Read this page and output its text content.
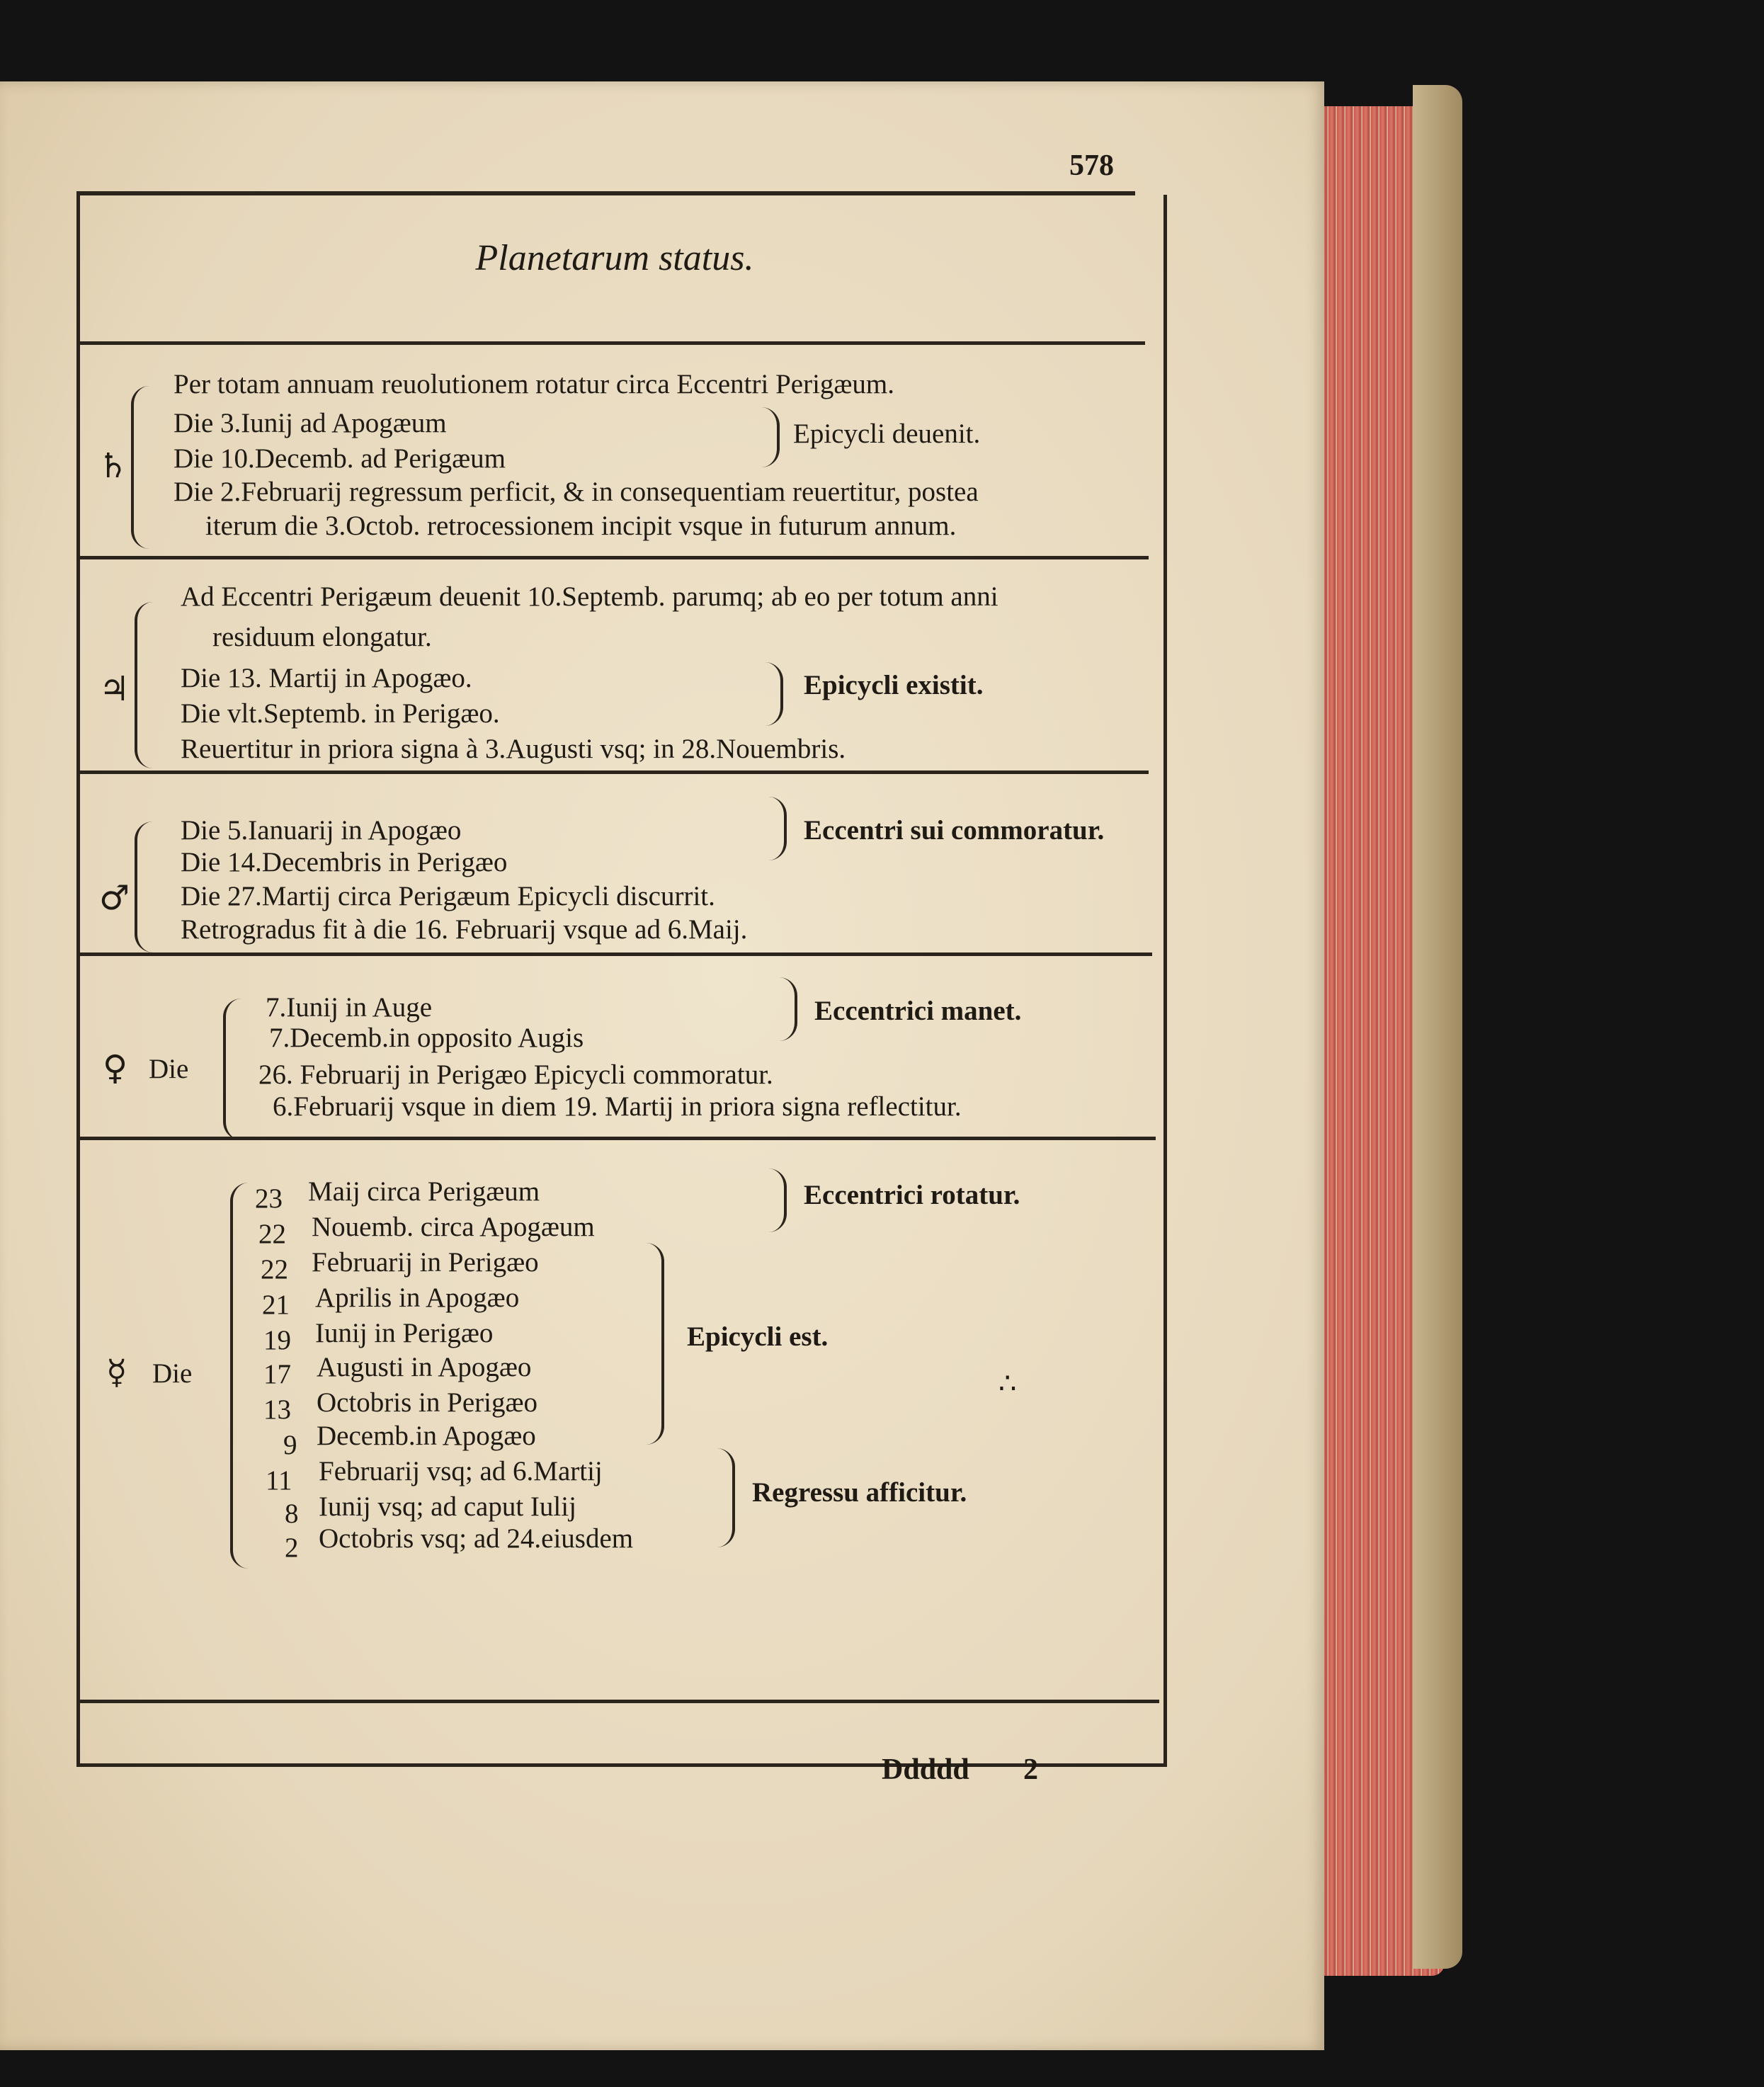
578
Planetarum status.
♄
Per totam annuam reuolutionem rotatur circa Eccentri Perigæum.
Die 3.Iunij ad Apogæum
Die 10.Decemb. ad Perigæum
Epicycli deuenit.
Die 2.Februarij regressum perficit, & in consequentiam reuertitur, postea
iterum die 3.Octob. retrocessionem incipit vsque in futurum annum.
♃
Ad Eccentri Perigæum deuenit 10.Septemb. parumq; ab eo per totum anni
residuum elongatur.
Die 13. Martij in Apogæo.
Die vlt.Septemb. in Perigæo.
Epicycli existit.
Reuertitur in priora signa à 3.Augusti vsq; in 28.Nouembris.
♂
Die 5.Ianuarij in Apogæo
Die 14.Decembris in Perigæo
Eccentri sui commoratur.
Die 27.Martij circa Perigæum Epicycli discurrit.
Retrogradus fit à die 16. Februarij vsque ad 6.Maij.
♀ Die
7.Iunij in Auge
7.Decemb.in opposito Augis
Eccentrici manet.
26. Februarij in Perigæo Epicycli commoratur.
6.Februarij vsque in diem 19. Martij in priora signa reflectitur.
☿ Die
23 Maij circa Perigæum
22 Nouemb. circa Apogæum
22 Februarij in Perigæo
21 Aprilis in Apogæo
19 Iunij in Perigæo
17 Augusti in Apogæo
13 Octobris in Perigæo
9 Decemb.in Apogæo
11 Februarij vsq; ad 6.Martij
8 Iunij vsq; ad caput Iulij
2 Octobris vsq; ad 24.eiusdem
Eccentrici rotatur.
Epicycli est.
Regressu afficitur.
∴
Ddddd 2
